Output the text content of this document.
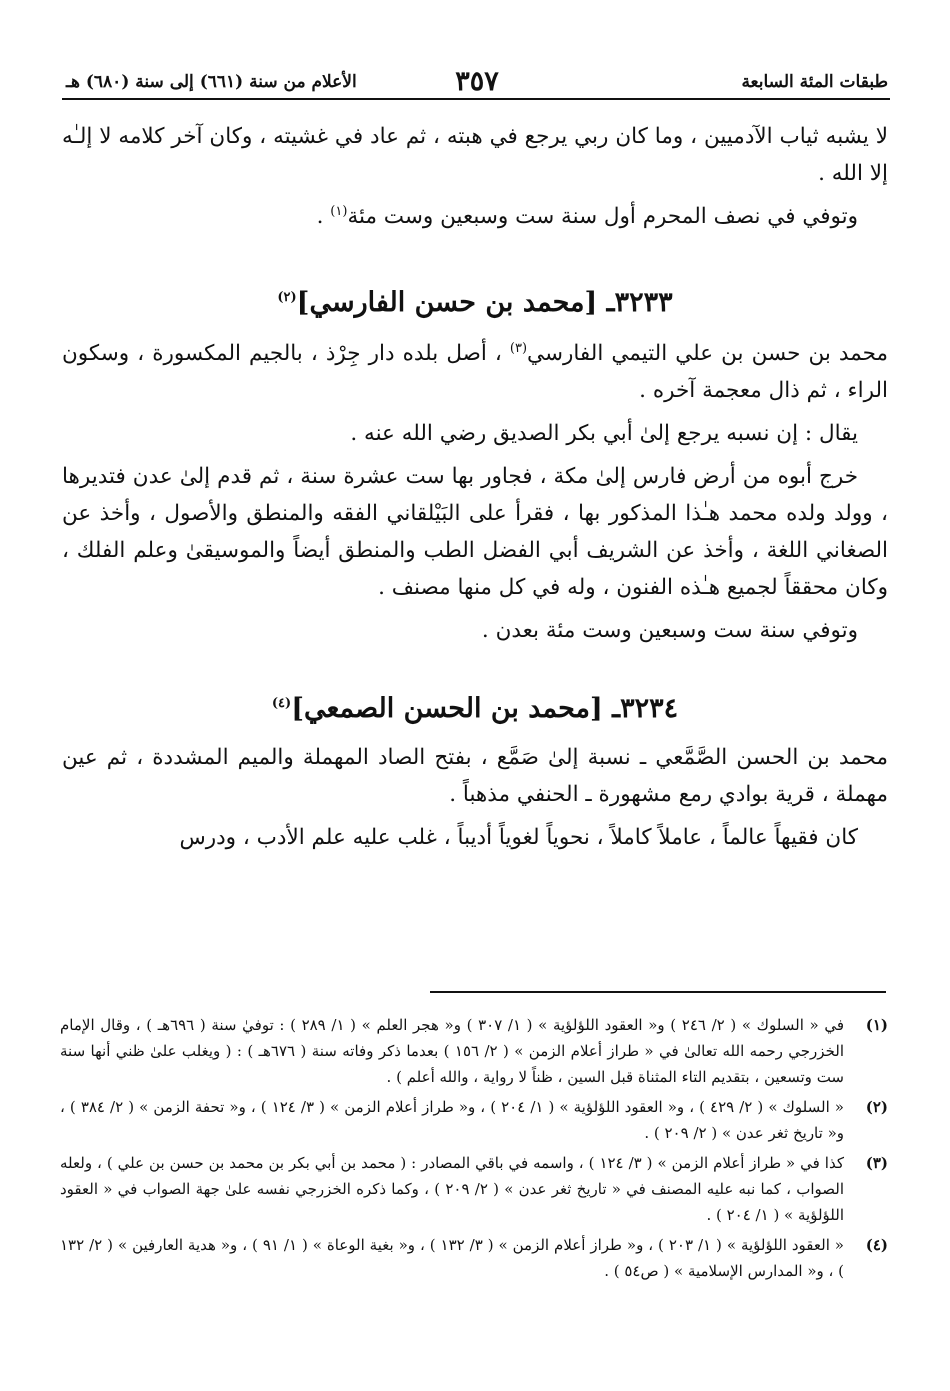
طبقات المئة السابعة
٣٥٧
الأعلام من سنة (٦٦١) إلى سنة (٦٨٠) هـ

لا يشبه ثياب الآدميين ، وما كان ربي يرجع في هبته ، ثم عاد في غشيته ، وكان آخر كلامه لا إلـٰه إلا الله .

وتوفي في نصف المحرم أول سنة ست وسبعين وست مئة$^{(١)}$ .

٣٢٣٣ـ [محمد بن حسن الفارسي]$^{(٢)}$

محمد بن حسن بن علي التيمي الفارسي$^{(٣)}$ ، أصل بلده دار جِرْذ ، بالجيم المكسورة ، وسكون الراء ، ثم ذال معجمة آخره .

يقال : إن نسبه يرجع إلىٰ أبي بكر الصديق رضي الله عنه .

خرج أبوه من أرض فارس إلىٰ مكة ، فجاور بها ست عشرة سنة ، ثم قدم إلىٰ عدن فتديرها ، وولد ولده محمد هـٰذا المذكور بها ، فقرأ على البَيْلقاني الفقه والمنطق والأصول ، وأخذ عن الصغاني اللغة ، وأخذ عن الشريف أبي الفضل الطب والمنطق أيضاً والموسيقىٰ وعلم الفلك ، وكان محققاً لجميع هـٰذه الفنون ، وله في كل منها مصنف .

وتوفي سنة ست وسبعين وست مئة بعدن .

٣٢٣٤ـ [محمد بن الحسن الصمعي]$^{(٤)}$

محمد بن الحسن الصَّمَّعي ـ نسبة إلىٰ صَمَّع ، بفتح الصاد المهملة والميم المشددة ، ثم عين مهملة ، قرية بوادي رمع مشهورة ـ الحنفي مذهباً .

كان فقيهاً عالماً ، عاملاً كاملاً ، نحوياً لغوياً أديباً ، غلب عليه علم الأدب ، ودرس

(١)
في « السلوك » ( ٢/ ٢٤٦ ) و« العقود اللؤلؤية » ( ١/ ٣٠٧ ) و« هجر العلم » ( ١/ ٢٨٩ ) : توفيٰ سنة ( ٦٩٦هـ ) ، وقال الإمام الخزرجي رحمه الله تعالىٰ في « طراز أعلام الزمن » ( ٢/ ١٥٦ ) بعدما ذكر وفاته سنة ( ٦٧٦هـ ) : ( ويغلب علىٰ ظني أنها سنة ست وتسعين ، بتقديم التاء المثناة قبل السين ، ظناً لا رواية ، والله أعلم ) .
(٢)
« السلوك » ( ٢/ ٤٢٩ ) ، و« العقود اللؤلؤية » ( ١/ ٢٠٤ ) ، و« طراز أعلام الزمن » ( ٣/ ١٢٤ ) ، و« تحفة الزمن » ( ٢/ ٣٨٤ ) ، و« تاريخ ثغر عدن » ( ٢/ ٢٠٩ ) .
(٣)
كذا في « طراز أعلام الزمن » ( ٣/ ١٢٤ ) ، واسمه في باقي المصادر : ( محمد بن أبي بكر بن محمد بن حسن بن علي ) ، ولعله الصواب ، كما نبه عليه المصنف في « تاريخ ثغر عدن » ( ٢/ ٢٠٩ ) ، وكما ذكره الخزرجي نفسه علىٰ جهة الصواب في « العقود اللؤلؤية » ( ١/ ٢٠٤ ) .
(٤)
« العقود اللؤلؤية » ( ١/ ٢٠٣ ) ، و« طراز أعلام الزمن » ( ٣/ ١٣٢ ) ، و« بغية الوعاة » ( ١/ ٩١ ) ، و« هدية العارفين » ( ٢/ ١٣٢ ) ، و« المدارس الإسلامية » ( ص٥٤ ) .
